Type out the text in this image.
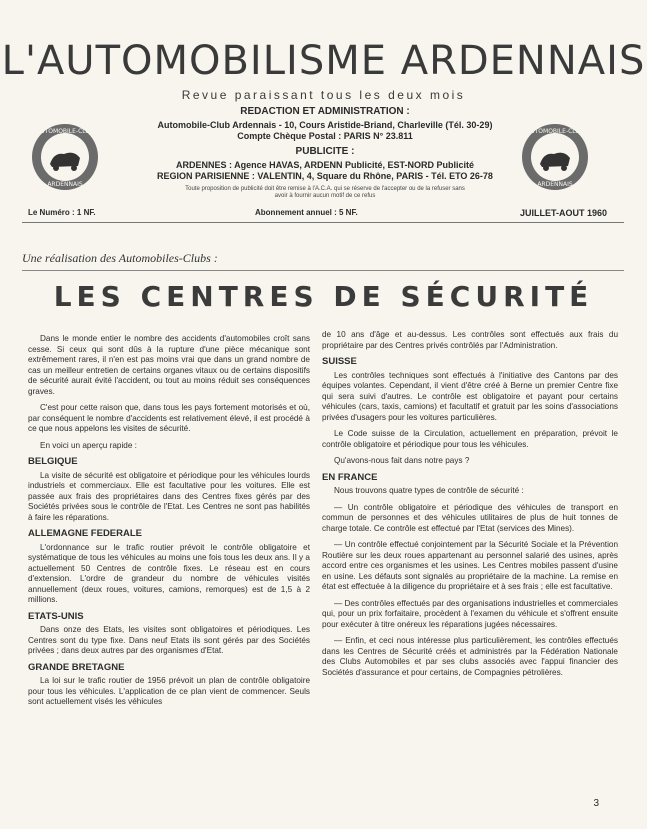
L'AUTOMOBILISME ARDENNAIS
Revue paraissant tous les deux mois
REDACTION ET ADMINISTRATION :
Automobile-Club Ardennais - 10, Cours Aristide-Briand, Charleville (Tél. 30-29)
Compte Chèque Postal : PARIS N° 23.811
PUBLICITE :
ARDENNES : Agence HAVAS, ARDENN Publicité, EST-NORD Publicité
REGION PARISIENNE : VALENTIN, 4, Square du Rhône, PARIS - Tél. ETO 26-78
Toute proposition de publicité doit être remise à l'A.C.A. qui se réserve de l'accepter ou de la refuser sans avoir à fournir aucun motif de ce refus
AUTOMOBILE-CLUB
ARDENNAIS
AUTOMOBILE-CLUB
ARDENNAIS
Le Numéro : 1 NF.	Abonnement annuel : 5 NF.	JUILLET-AOUT 1960
Une réalisation des Automobiles-Clubs :
LES CENTRES DE SÉCURITÉ

Dans le monde entier le nombre des accidents d'automobiles croît sans cesse. Si ceux qui sont dûs à la rupture d'une pièce mécanique sont extrêmement rares, il n'en est pas moins vrai que dans un grand nombre de cas un meilleur entretien de certains organes vitaux ou de certains dispositifs de sécurité aurait évité l'accident, ou tout au moins réduit ses conséquences graves.

C'est pour cette raison que, dans tous les pays fortement motorisés et où, par conséquent le nombre d'accidents est relativement élevé, il est procédé à ce que nous appelons les visites de sécurité.

En voici un aperçu rapide :

BELGIQUE

La visite de sécurité est obligatoire et périodique pour les véhicules lourds industriels et commerciaux. Elle est facultative pour les voitures. Elle est passée aux frais des propriétaires dans des Centres fixes gérés par des Sociétés privées sous le contrôle de l'Etat. Les Centres ne sont pas habilités à faire les réparations.

ALLEMAGNE FEDERALE

L'ordonnance sur le trafic routier prévoit le contrôle obligatoire et systématique de tous les véhicules au moins une fois tous les deux ans. Il y a actuellement 50 Centres de contrôle fixes. Le réseau est en cours d'extension. L'ordre de grandeur du nombre de véhicules visités annuellement (deux roues, voitures, camions, remorques) est de 1,5 à 2 millions.

ETATS-UNIS

Dans onze des Etats, les visites sont obligatoires et périodiques. Les Centres sont du type fixe. Dans neuf Etats ils sont gérés par des Sociétés privées ; dans deux autres par des organismes d'Etat.

GRANDE BRETAGNE

La loi sur le trafic routier de 1956 prévoit un plan de contrôle obligatoire pour tous les véhicules. L'application de ce plan vient de commencer. Seuls sont actuellement visés les véhicules

de 10 ans d'âge et au-dessus. Les contrôles sont effectués aux frais du propriétaire par des Centres privés contrôlés par l'Administration.

SUISSE

Les contrôles techniques sont effectués à l'initiative des Cantons par des équipes volantes. Cependant, il vient d'être créé à Berne un premier Centre fixe qui sera suivi d'autres. Le contrôle est obligatoire et payant pour certains véhicules (cars, taxis, camions) et facultatif et gratuit par les soins d'associations privées d'usagers pour les voitures particulières.

Le Code suisse de la Circulation, actuellement en préparation, prévoit le contrôle obligatoire et périodique pour tous les véhicules.

Qu'avons-nous fait dans notre pays ?

EN FRANCE

Nous trouvons quatre types de contrôle de sécurité :

— Un contrôle obligatoire et périodique des véhicules de transport en commun de personnes et des véhicules utilitaires de plus de huit tonnes de charge totale. Ce contrôle est effectué par l'Etat (services des Mines).

— Un contrôle effectué conjointement par la Sécurité Sociale et la Prévention Routière sur les deux roues appartenant au personnel salarié des usines, après accord entre ces organismes et les usines. Les Centres mobiles passent d'usine en usine. Les défauts sont signalés au propriétaire de la machine. La remise en état est effectuée à la diligence du propriétaire et à ses frais ; elle est facultative.

— Des contrôles effectués par des organisations industrielles et commerciales qui, pour un prix forfaitaire, procèdent à l'examen du véhicule et s'offrent ensuite pour exécuter à titre onéreux les réparations jugées nécessaires.

— Enfin, et ceci nous intéresse plus particulièrement, les contrôles effectués dans les Centres de Sécurité créés et administrés par la Fédération Nationale des Clubs Automobiles et par ses clubs associés avec l'appui financier des Sociétés d'assurance et pour certains, de Compagnies pétrolières.

3
